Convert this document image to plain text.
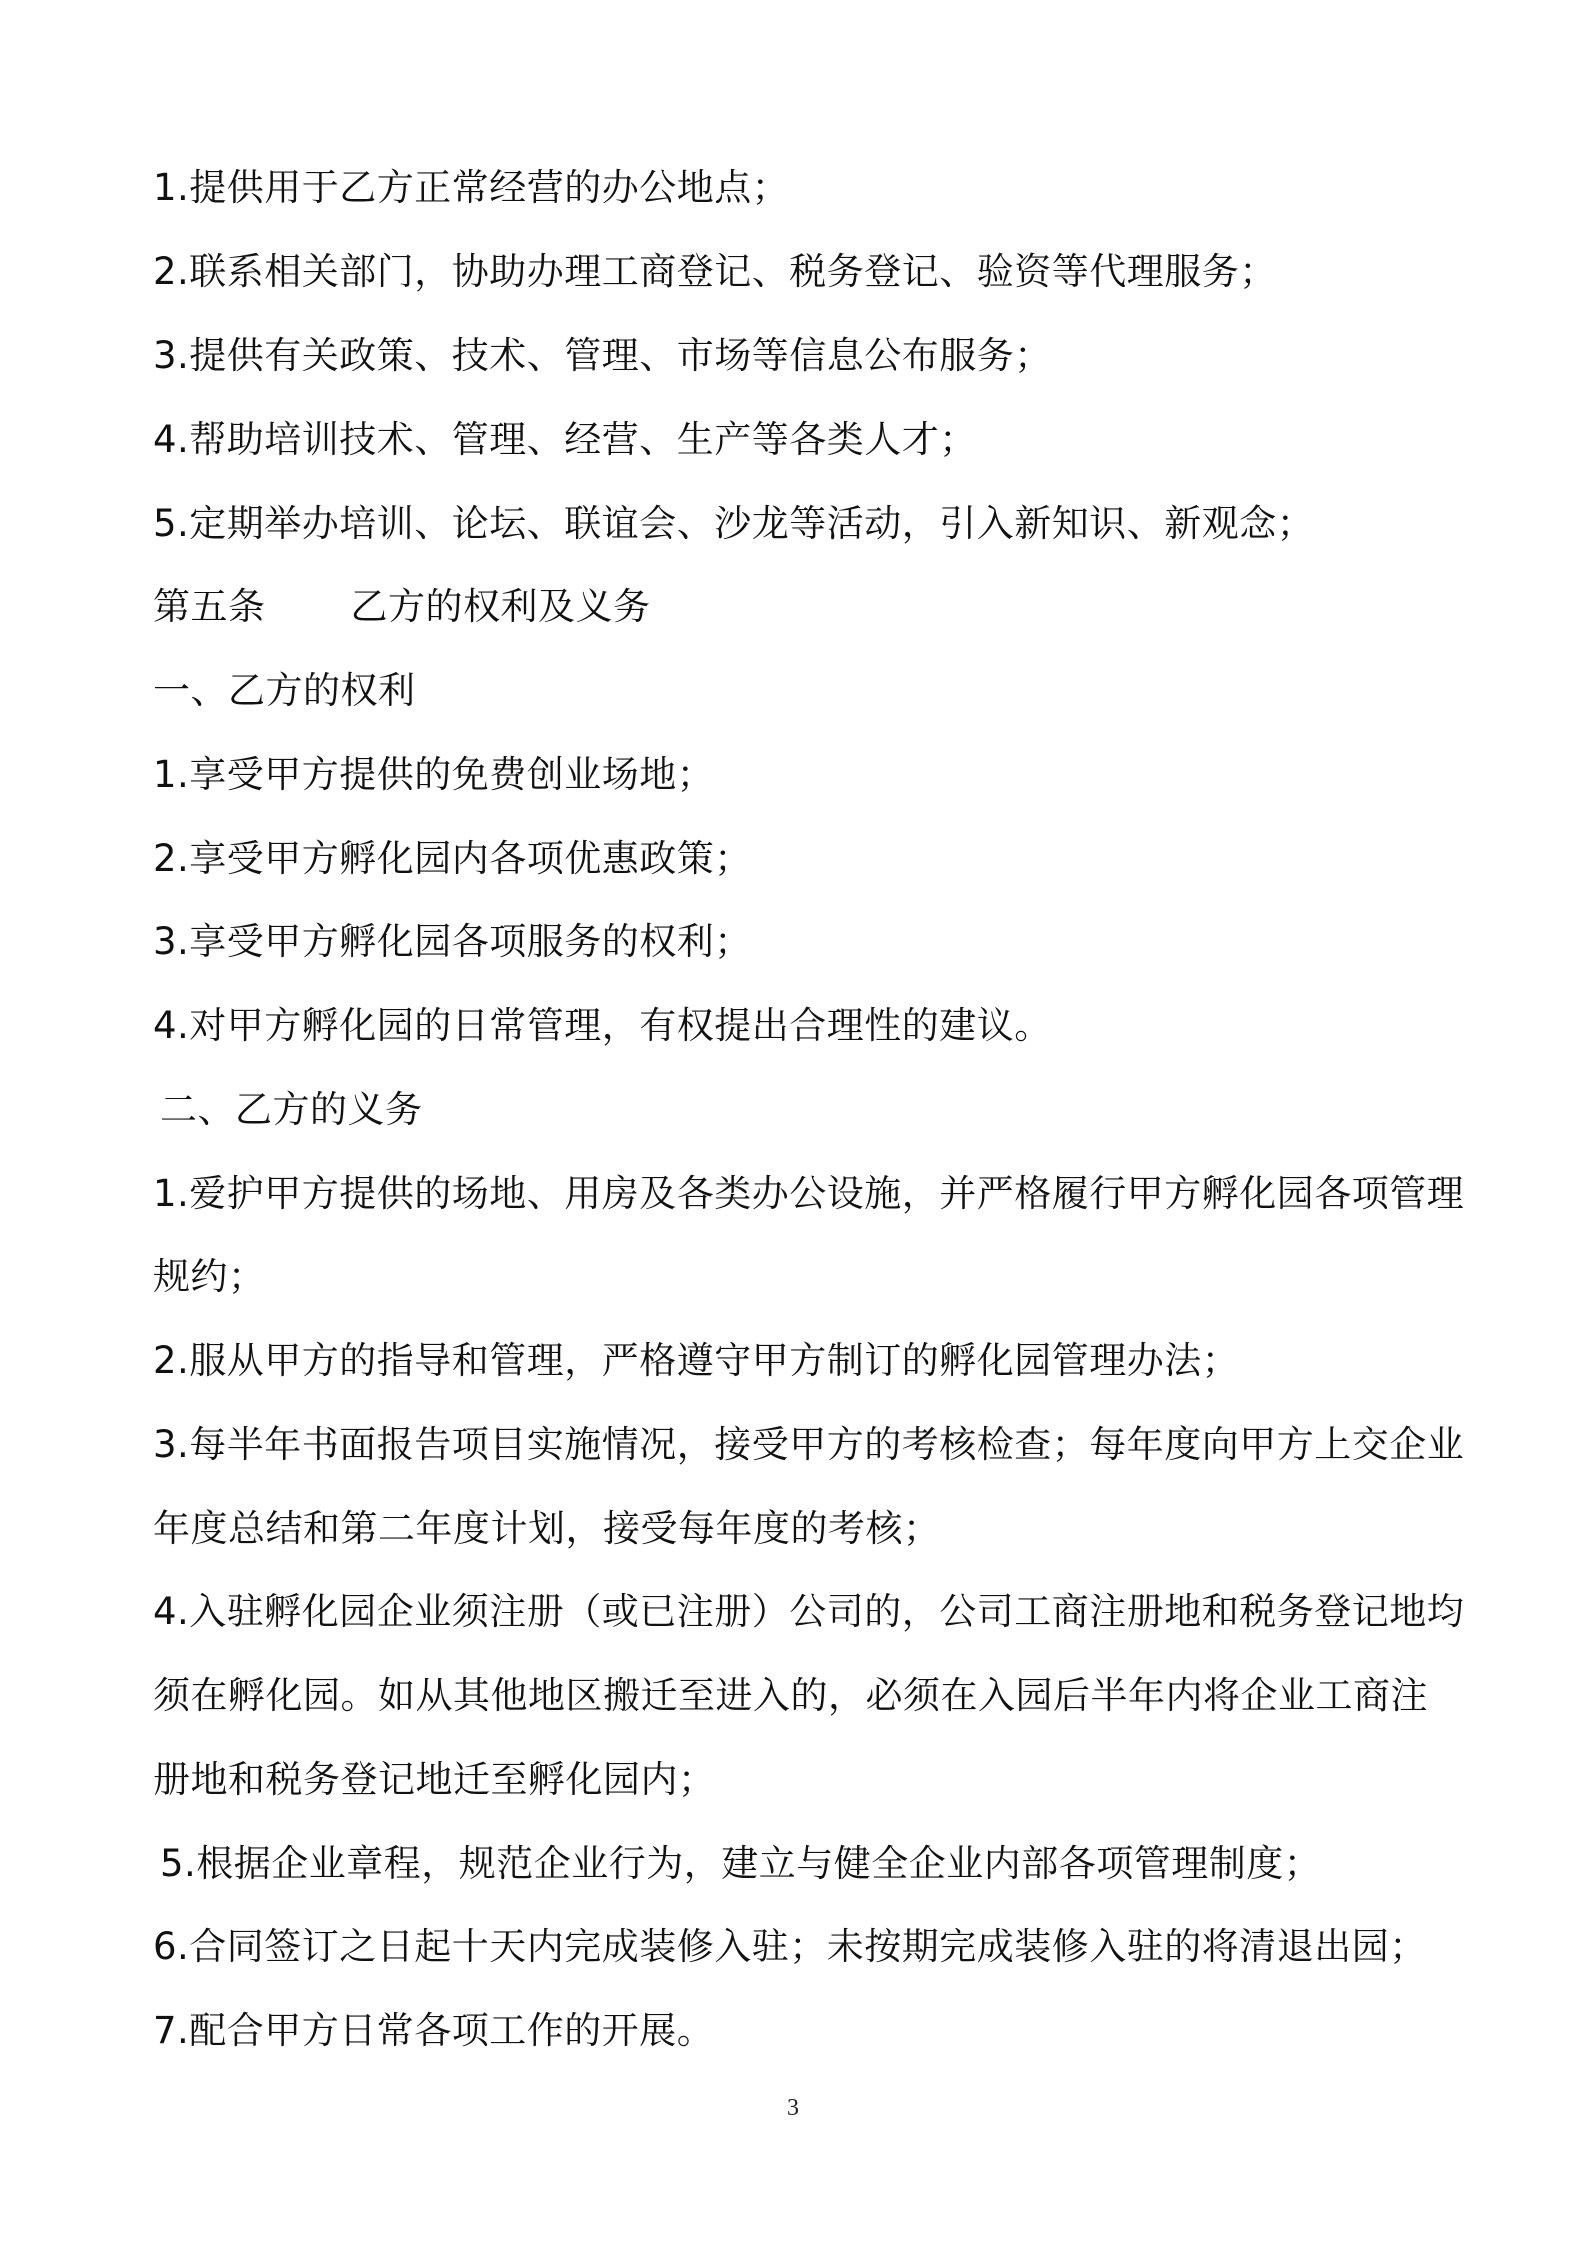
1.提供用于乙方正常经营的办公地点；
2.联系相关部门，协助办理工商登记、税务登记、验资等代理服务；
3.提供有关政策、技术、管理、市场等信息公布服务；
4.帮助培训技术、管理、经营、生产等各类人才；
5.定期举办培训、论坛、联谊会、沙龙等活动，引入新知识、新观念；
第五条 乙方的权利及义务
一、乙方的权利
1.享受甲方提供的免费创业场地；
2.享受甲方孵化园内各项优惠政策；
3.享受甲方孵化园各项服务的权利；
4.对甲方孵化园的日常管理，有权提出合理性的建议。
二、乙方的义务
1.爱护甲方提供的场地、用房及各类办公设施，并严格履行甲方孵化园各项管理
规约；
2.服从甲方的指导和管理，严格遵守甲方制订的孵化园管理办法；
3.每半年书面报告项目实施情况，接受甲方的考核检查；每年度向甲方上交企业
年度总结和第二年度计划，接受每年度的考核；
4.入驻孵化园企业须注册（或已注册）公司的，公司工商注册地和税务登记地均
须在孵化园。如从其他地区搬迁至进入的，必须在入园后半年内将企业工商注
册地和税务登记地迁至孵化园内；
5.根据企业章程，规范企业行为，建立与健全企业内部各项管理制度；
6.合同签订之日起十天内完成装修入驻；未按期完成装修入驻的将清退出园；
7.配合甲方日常各项工作的开展。
3
